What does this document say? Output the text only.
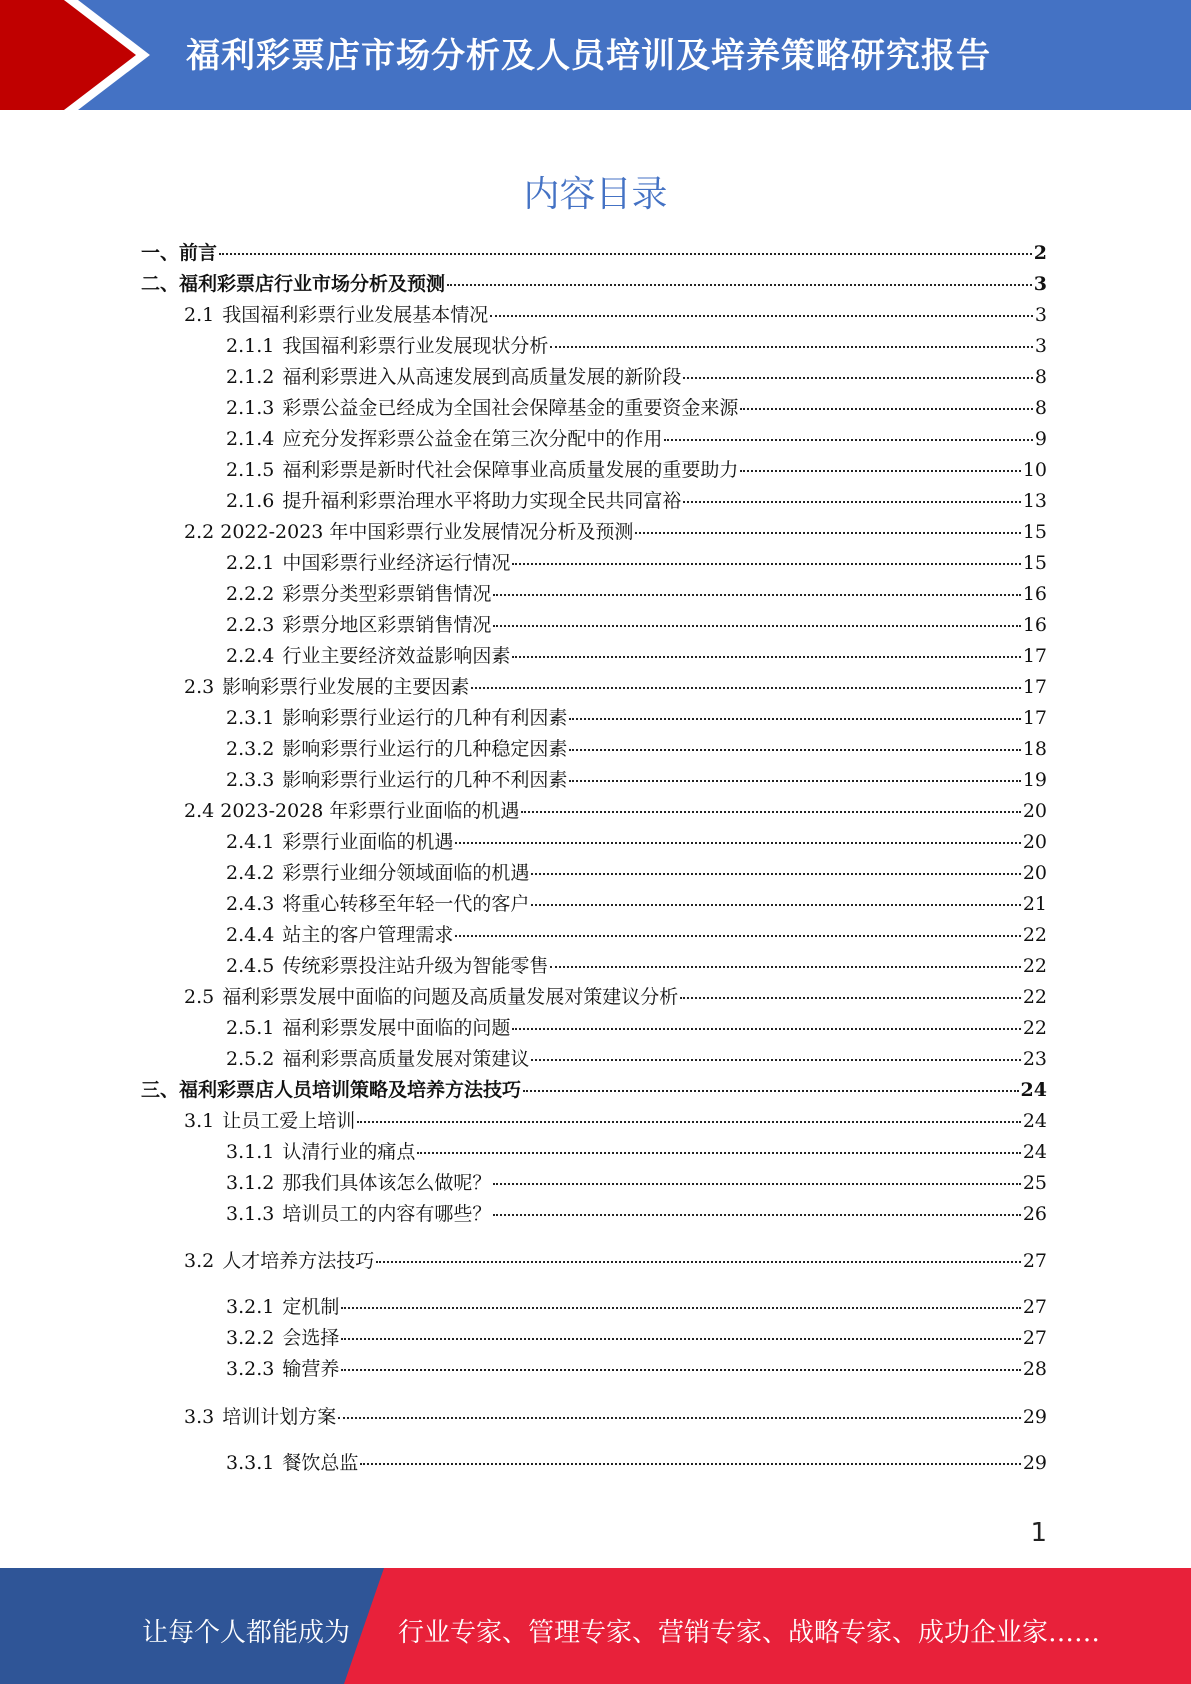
福利彩票店市场分析及人员培训及培养策略研究报告
内容目录
一、前言	2
二、福利彩票店行业市场分析及预测	3
2.1 我国福利彩票行业发展基本情况	3
2.1.1 我国福利彩票行业发展现状分析	3
2.1.2 福利彩票进入从高速发展到高质量发展的新阶段	8
2.1.3 彩票公益金已经成为全国社会保障基金的重要资金来源	8
2.1.4 应充分发挥彩票公益金在第三次分配中的作用	9
2.1.5 福利彩票是新时代社会保障事业高质量发展的重要助力	10
2.1.6 提升福利彩票治理水平将助力实现全民共同富裕	13
2.2 2022-2023 年中国彩票行业发展情况分析及预测	15
2.2.1 中国彩票行业经济运行情况	15
2.2.2 彩票分类型彩票销售情况	16
2.2.3 彩票分地区彩票销售情况	16
2.2.4 行业主要经济效益影响因素	17
2.3 影响彩票行业发展的主要因素	17
2.3.1 影响彩票行业运行的几种有利因素	17
2.3.2 影响彩票行业运行的几种稳定因素	18
2.3.3 影响彩票行业运行的几种不利因素	19
2.4 2023-2028 年彩票行业面临的机遇	20
2.4.1 彩票行业面临的机遇	20
2.4.2 彩票行业细分领域面临的机遇	20
2.4.3 将重心转移至年轻一代的客户	21
2.4.4 站主的客户管理需求	22
2.4.5 传统彩票投注站升级为智能零售	22
2.5 福利彩票发展中面临的问题及高质量发展对策建议分析	22
2.5.1 福利彩票发展中面临的问题	22
2.5.2 福利彩票高质量发展对策建议	23
三、福利彩票店人员培训策略及培养方法技巧	24
3.1 让员工爱上培训	24
3.1.1 认清行业的痛点	24
3.1.2 那我们具体该怎么做呢？	25
3.1.3 培训员工的内容有哪些？	26
3.2 人才培养方法技巧	27
3.2.1 定机制	27
3.2.2 会选择	27
3.2.3 输营养	28
3.3 培训计划方案	29
3.3.1 餐饮总监	29
1
让每个人都能成为 行业专家、管理专家、营销专家、战略专家、成功企业家……
